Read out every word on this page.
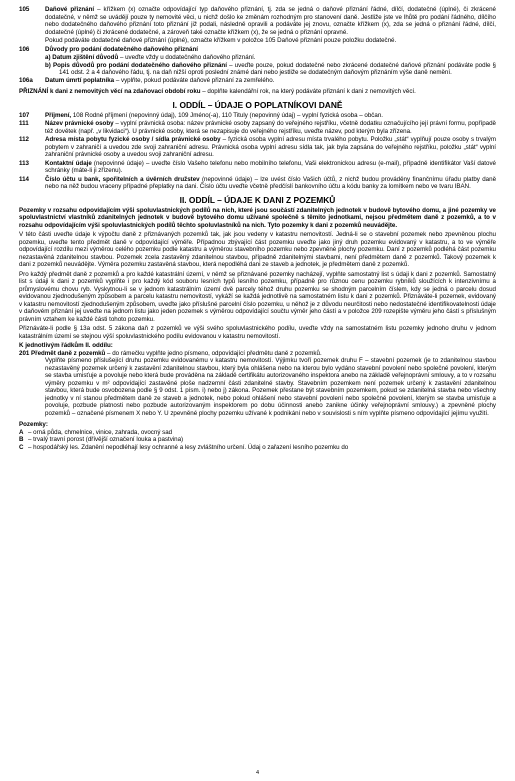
105	Daňové přiznání – křížkem (x) označte odpovídající typ daňového přiznání, tj. zda se jedná o daňové přiznání řádné, dílčí, dodatečné (úplné), či zkrácené dodatečné, v němž se uvádějí pouze ty nemovité věci, u nichž došlo ke změnám rozhodným pro stanovení daně. Jestliže jste ve lhůtě pro podání řádného, dílčího nebo dodatečného daňového přiznání toto přiznání již podali, následně opravili a podáváte jej znovu, označte křížkem (x), zda se jedná o přiznání řádné, dílčí, dodatečné (úplné) či zkrácené dodatečné, a zároveň také označte křížkem (x), že se jedná o přiznání opravné.
Pokud podáváte dodatečné daňové přiznání (úplné), označte křížkem v položce 105 Daňové přiznání pouze položku dodatečné.
106	Důvody pro podání dodatečného daňového přiznání
a) Datum zjištění důvodů – uveďte vždy u dodatečného daňového přiznání.
b) Popis důvodů pro podání dodatečného daňového přiznání – uveďte pouze, pokud dodatečné nebo zkrácené dodatečné daňové přiznání podáváte podle § 141 odst. 2 a 4 daňového řádu, tj. na daň nižší oproti poslední známé dani nebo jestliže se dodatečným daňovým přiznáním výše daně nemění.
106a	Datum úmrtí poplatníka – vyplňte, pokud podáváte daňové přiznání za zemřelého.
PŘIZNÁNÍ k dani z nemovitých věcí na zdaňovací období roku – doplňte kalendářní rok, na který podáváte přiznání k dani z nemovitých věcí.
I. ODDÍL – ÚDAJE O POPLATNÍKOVI DANĚ
107	Příjmení, 108 Rodné příjmení (nepovinný údaj), 109 Jméno(-a), 110 Tituly (nepovinný údaj) – vyplní fyzická osoba – občan.
111	Název právnické osoby – vyplní právnická osoba: název právnické osoby zapsaný do veřejného rejstříku, včetně dodatku označujícího její právní formu, popřípadě též dovětek (např. „v likvidaci“). U právnické osoby, která se nezapisuje do veřejného rejstříku, uveďte název, pod kterým byla zřízena.
112	Adresa místa pobytu fyzické osoby / sídla právnické osoby – fyzická osoba vyplní adresu místa trvalého pobytu. Položku „stát“ vyplňují pouze osoby s trvalým pobytem v zahraničí a uvedou zde svoji zahraniční adresu. Právnická osoba vyplní adresu sídla tak, jak byla zapsána do veřejného rejstříku, položku „stát“ vyplní zahraniční právnické osoby a uvedou svoji zahraniční adresu.
113	Kontaktní údaje (nepovinné údaje) – uveďte číslo Vašeho telefonu nebo mobilního telefonu, Vaši elektronickou adresu (e-mail), případně identifikátor Vaší datové schránky (máte-li ji zřízenu).
114	Číslo účtu u bank, spořitelních a úvěrních družstev (nepovinné údaje) – lze uvést číslo Vašich účtů, z nichž budou prováděny finančnímu úřadu platby daně nebo na něž budou vraceny případné přeplatky na dani. Číslo účtu uveďte včetně předčíslí bankovního účtu a kódu banky za lomítkem nebo ve tvaru IBAN.
II. ODDÍL – ÚDAJE K DANI Z POZEMKŮ
Pozemky v rozsahu odpovídajícím výši spoluvlastnických podílů na nich, které jsou součástí zdanitelných jednotek v budově bytového domu, a jiné pozemky ve spoluvlastnictví vlastníků zdanitelných jednotek v budově bytového domu užívané společně s těmito jednotkami, nejsou předmětem daně z pozemků, a to v rozsahu odpovídajícím výši spoluvlastnických podílů těchto spoluvlastníků na nich. Tyto pozemky k dani z pozemků neuvádějte.
V této části uveďte údaje k výpočtu daně z přiznávaných pozemků tak, jak jsou vedeny v katastru nemovitostí. Jedná-li se o stavební pozemek nebo zpevněnou plochu pozemku, uveďte tento předmět daně v odpovídající výměře. Případnou zbývající část pozemku uveďte jako jiný druh pozemku evidovaný v katastru, a to ve výměře odpovídající rozdílu mezi výměrou celého pozemku podle katastru a výměrou stavebního pozemku nebo zpevněné plochy pozemku. Daní z pozemků podléhá část pozemku nezastavěná zdanitelnou stavbou. Pozemek zcela zastavěný zdanitelnou stavbou, případně zdanitelnými stavbami, není předmětem daně z pozemků. Takový pozemek k dani z pozemků neuvádějte. Výměra pozemku zastavěná stavbou, která nepodléhá dani ze staveb a jednotek, je předmětem daně z pozemků.
Pro každý předmět daně z pozemků a pro každé katastrální území, v němž se přiznávané pozemky nacházejí, vyplňte samostatný list s údaji k dani z pozemků. Samostatný list s údaji k dani z pozemků vyplňte i pro každý kód souboru lesních typů lesního pozemku, případně pro různou cenu pozemku rybníků sloužících k intenzivnímu a průmyslovému chovu ryb. Vyskytnou-li se v jednom katastrálním území dvě parcely téhož druhu pozemku se shodným parcelním číslem, kdy se jedná o parcelu dosud evidovanou zjednodušeným způsobem a parcelu katastru nemovitostí, vykáží se každá jednotlivě na samostatném listu k dani z pozemků. Přiznáváte-li pozemek, evidovaný v katastru nemovitostí zjednodušeným způsobem, uveďte jako příslušné parcelní číslo pozemku, u něhož je z důvodu neurčitosti nebo nedostatečné identifikovatelnosti údaje v daňovém přiznání jej uveďte na jednom listu jako jeden pozemek s výměrou odpovídající součtu výměr jeho částí a v položce 209 rozepište výměru jeho částí s příslušným právním vztahem ke každé části tohoto pozemku.
Přiznáváte-li podle § 13a odst. 5 zákona daň z pozemků ve výši svého spoluvlastnického podílu, uveďte vždy na samostatném listu pozemky jednoho druhu v jednom katastrálním území se stejnou výší spoluvlastnického podílu evidovanou v katastru nemovitostí.
K jednotlivým řádkům II. oddílu:
201 Předmět daně z pozemků – do rámečku vyplňte jedno písmeno, odpovídající předmětu daně z pozemků.
Vyplňte písmeno příslušející druhu pozemku evidovanému v katastru nemovitostí. Výjimku tvoří pozemek druhu F – stavební pozemek (je to zdanitelnou stavbou nezastavěný pozemek určený k zastavění zdanitelnou stavbou, který byla ohlášena nebo na kterou bylo vydáno stavební povolení nebo společné povolení, kterým se stavba umisťuje a povoluje nebo která bude prováděna na základě certifikátu autorizovaného inspektora anebo na základě veřejnoprávní smlouvy, a to v rozsahu výměry pozemku v m² odpovídající zastavěné ploše nadzemní části zdanitelné stavby. Stavebním pozemkem není pozemek určený k zastavění zdanitelnou stavbou, která bude osvobozena podle § 9 odst. 1 písm. i) nebo j) zákona. Pozemek přestane být stavebním pozemkem, pokud se zdanitelná stavba nebo všechny jednotky v ní stanou předmětem daně ze staveb a jednotek, nebo pokud ohlášení nebo stavební povolení nebo společné povolení, kterým se stavba umisťuje a povoluje, pozbude platnosti nebo pozbude autorizovaným inspektorem po dobu účinnosti anebo zanikne účinky veřejnoprávní smlouvy.) a zpevněné plochy pozemků – označené písmenem X nebo Y. U zpevněné plochy pozemku užívané k podnikání nebo v souvislosti s ním vyplňte písmeno odpovídající jejímu využití.
Pozemky:
A – orná půda, chmelnice, vinice, zahrada, ovocný sad
B – trvalý travní porost (dřívější označení louka a pastvina)
C – hospodářský les. Zdanění nepodléhají lesy ochranné a lesy zvláštního určení. Údaj o zařazení lesního pozemku do
4
